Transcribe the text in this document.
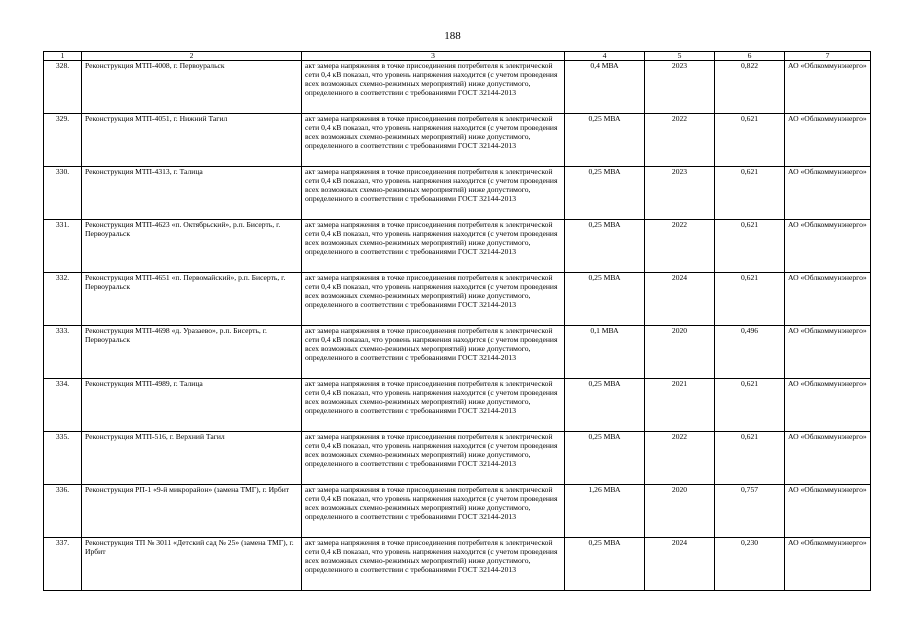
188
1	2	3	4	5	6	7
328.	Реконструкция МТП-4008, г. Первоуральск	акт замера напряжения в точке присоединения потребителя к электрической сети 0,4 кВ показал, что уровень напряжения находится (с учетом проведения всех возможных схемно-режимных мероприятий) ниже допустимого, определенного в соответствии с требованиями ГОСТ 32144-2013	0,4 МВА	2023	0,822	АО «Облкоммунэнерго»
329.	Реконструкция МТП-4051, г. Нижний Тагил	акт замера напряжения в точке присоединения потребителя к электрической сети 0,4 кВ показал, что уровень напряжения находится (с учетом проведения всех возможных схемно-режимных мероприятий) ниже допустимого, определенного в соответствии с требованиями ГОСТ 32144-2013	0,25 МВА	2022	0,621	АО «Облкоммунэнерго»
330.	Реконструкция МТП-4313, г. Талица	акт замера напряжения в точке присоединения потребителя к электрической сети 0,4 кВ показал, что уровень напряжения находится (с учетом проведения всех возможных схемно-режимных мероприятий) ниже допустимого, определенного в соответствии с требованиями ГОСТ 32144-2013	0,25 МВА	2023	0,621	АО «Облкоммунэнерго»
331.	Реконструкция МТП-4623 «п. Октябрьский», р.п. Бисерть, г. Первоуральск	акт замера напряжения в точке присоединения потребителя к электрической сети 0,4 кВ показал, что уровень напряжения находится (с учетом проведения всех возможных схемно-режимных мероприятий) ниже допустимого, определенного в соответствии с требованиями ГОСТ 32144-2013	0,25 МВА	2022	0,621	АО «Облкоммунэнерго»
332.	Реконструкция МТП-4651 «п. Первомайский», р.п. Бисерть, г. Первоуральск	акт замера напряжения в точке присоединения потребителя к электрической сети 0,4 кВ показал, что уровень напряжения находится (с учетом проведения всех возможных схемно-режимных мероприятий) ниже допустимого, определенного в соответствии с требованиями ГОСТ 32144-2013	0,25 МВА	2024	0,621	АО «Облкоммунэнерго»
333.	Реконструкция МТП-4698 «д. Уразаево», р.п. Бисерть, г. Первоуральск	акт замера напряжения в точке присоединения потребителя к электрической сети 0,4 кВ показал, что уровень напряжения находится (с учетом проведения всех возможных схемно-режимных мероприятий) ниже допустимого, определенного в соответствии с требованиями ГОСТ 32144-2013	0,1 МВА	2020	0,496	АО «Облкоммунэнерго»
334.	Реконструкция МТП-4989, г. Талица	акт замера напряжения в точке присоединения потребителя к электрической сети 0,4 кВ показал, что уровень напряжения находится (с учетом проведения всех возможных схемно-режимных мероприятий) ниже допустимого, определенного в соответствии с требованиями ГОСТ 32144-2013	0,25 МВА	2021	0,621	АО «Облкоммунэнерго»
335.	Реконструкция МТП-516, г. Верхний Тагил	акт замера напряжения в точке присоединения потребителя к электрической сети 0,4 кВ показал, что уровень напряжения находится (с учетом проведения всех возможных схемно-режимных мероприятий) ниже допустимого, определенного в соответствии с требованиями ГОСТ 32144-2013	0,25 МВА	2022	0,621	АО «Облкоммунэнерго»
336.	Реконструкция РП-1 «9-й микрорайон» (замена ТМГ), г. Ирбит	акт замера напряжения в точке присоединения потребителя к электрической сети 0,4 кВ показал, что уровень напряжения находится (с учетом проведения всех возможных схемно-режимных мероприятий) ниже допустимого, определенного в соответствии с требованиями ГОСТ 32144-2013	1,26 МВА	2020	0,757	АО «Облкоммунэнерго»
337.	Реконструкция ТП № 3011 «Детский сад № 25» (замена ТМГ), г. Ирбит	акт замера напряжения в точке присоединения потребителя к электрической сети 0,4 кВ показал, что уровень напряжения находится (с учетом проведения всех возможных схемно-режимных мероприятий) ниже допустимого, определенного в соответствии с требованиями ГОСТ 32144-2013	0,25 МВА	2024	0,230	АО «Облкоммунэнерго»
